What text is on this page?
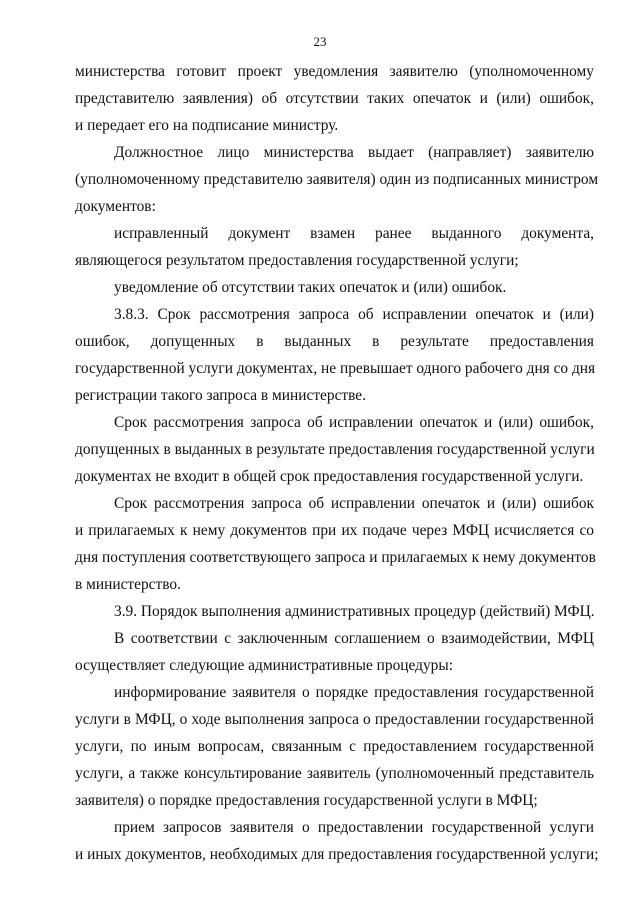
23
министерства готовит проект уведомления заявителю (уполномоченному
представителю заявления) об отсутствии таких опечаток и (или) ошибок,
и передает его на подписание министру.
Должностное лицо министерства выдает (направляет) заявителю
(уполномоченному представителю заявителя) один из подписанных министром
документов:
исправленный документ взамен ранее выданного документа,
являющегося результатом предоставления государственной услуги;
уведомление об отсутствии таких опечаток и (или) ошибок.
3.8.3. Срок рассмотрения запроса об исправлении опечаток и (или)
ошибок, допущенных в выданных в результате предоставления
государственной услуги документах, не превышает одного рабочего дня со дня
регистрации такого запроса в министерстве.
Срок рассмотрения запроса об исправлении опечаток и (или) ошибок,
допущенных в выданных в результате предоставления государственной услуги
документах не входит в общей срок предоставления государственной услуги.
Срок рассмотрения запроса об исправлении опечаток и (или) ошибок
и прилагаемых к нему документов при их подаче через МФЦ исчисляется со
дня поступления соответствующего запроса и прилагаемых к нему документов
в министерство.
3.9. Порядок выполнения административных процедур (действий) МФЦ.
В соответствии с заключенным соглашением о взаимодействии, МФЦ
осуществляет следующие административные процедуры:
информирование заявителя о порядке предоставления государственной
услуги в МФЦ, о ходе выполнения запроса о предоставлении государственной
услуги, по иным вопросам, связанным с предоставлением государственной
услуги, а также консультирование заявитель (уполномоченный представитель
заявителя) о порядке предоставления государственной услуги в МФЦ;
прием запросов заявителя о предоставлении государственной услуги
и иных документов, необходимых для предоставления государственной услуги;
